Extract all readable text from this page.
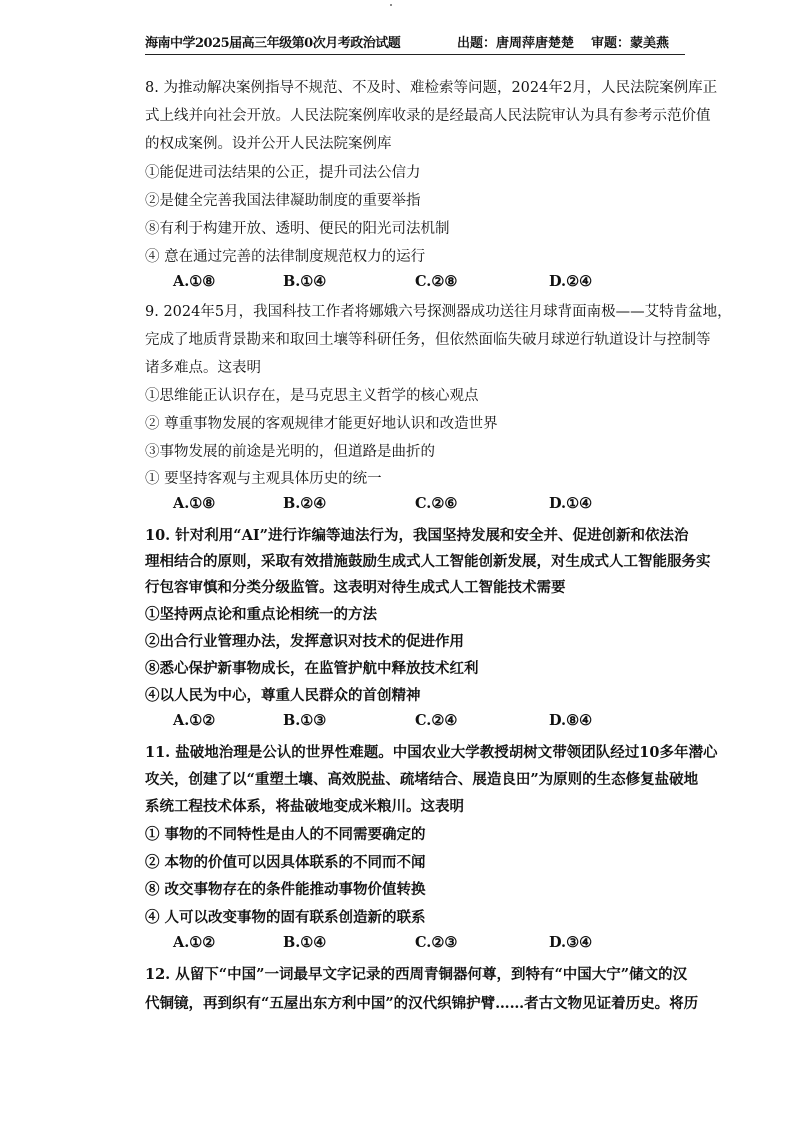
海南中学2025届高三年级第0次月考政治试题	出题：唐周萍唐楚楚 审题：蒙美燕
8. 为推动解决案例指导不规范、不及时、难检索等问题，2024年2月，人民法院案例库正
式上线并向社会开放。人民法院案例库收录的是经最高人民法院审认为具有参考示范价值
的权成案例。设并公开人民法院案例库
①能促进司法结果的公正，提升司法公信力
②是健全完善我国法律凝助制度的重要举指
⑧有利于构建开放、透明、便民的阳光司法机制
④ 意在通过完善的法律制度规范权力的运行
A.①⑧	B.①④	C.②⑧	D.②④
9. 2024年5月，我国科技工作者将娜娥六号探测器成功送往月球背面南极——艾特肯盆地，
完成了地质背景勘来和取回土壤等科研任务，但依然面临失破月球逆行轨道设计与控制等
诸多难点。这表明
①思维能正认识存在，是马克思主义哲学的核心观点
② 尊重事物发展的客观规律才能更好地认识和改造世界
③事物发展的前途是光明的，但道路是曲折的
① 要坚持客观与主观具体历史的统一
A.①⑧	B.②④	C.②⑥	D.①④
10. 针对利用“AI”进行诈编等迪法行为，我国坚持发展和安全并、促进创新和依法治
理相结合的原则，采取有效措施鼓励生成式人工智能创新发展，对生成式人工智能服务实
行包容审慎和分类分级监管。这表明对待生成式人工智能技术需要
①坚持两点论和重点论相统一的方法
②出合行业管理办法，发挥意识对技术的促进作用
⑧悉心保护新事物成长，在监管护航中释放技术红利
④以人民为中心，尊重人民群众的首创精神
A.①②	B.①③	C.②④	D.⑧④
11. 盐破地治理是公认的世界性难题。中国农业大学教授胡树文带领团队经过10多年潜心
攻关，创建了以“重塑土壤、高效脱盐、疏堵结合、展造良田”为原则的生态修复盐破地
系统工程技术体系，将盐破地变成米粮川。这表明
① 事物的不同特性是由人的不同需要确定的
② 本物的价值可以因具体联系的不同而不闻
⑧ 改交事物存在的条件能推动事物价值转换
④ 人可以改变事物的固有联系创造新的联系
A.①②	B.①④	C.②③	D.③④
12. 从留下“中国”一词最早文字记录的西周青铜器何尊，到特有“中国大宁”储文的汉
代铜镜，再到织有“五屋出东方利中国”的汉代织锦护臂……者古文物见证着历史。将历
